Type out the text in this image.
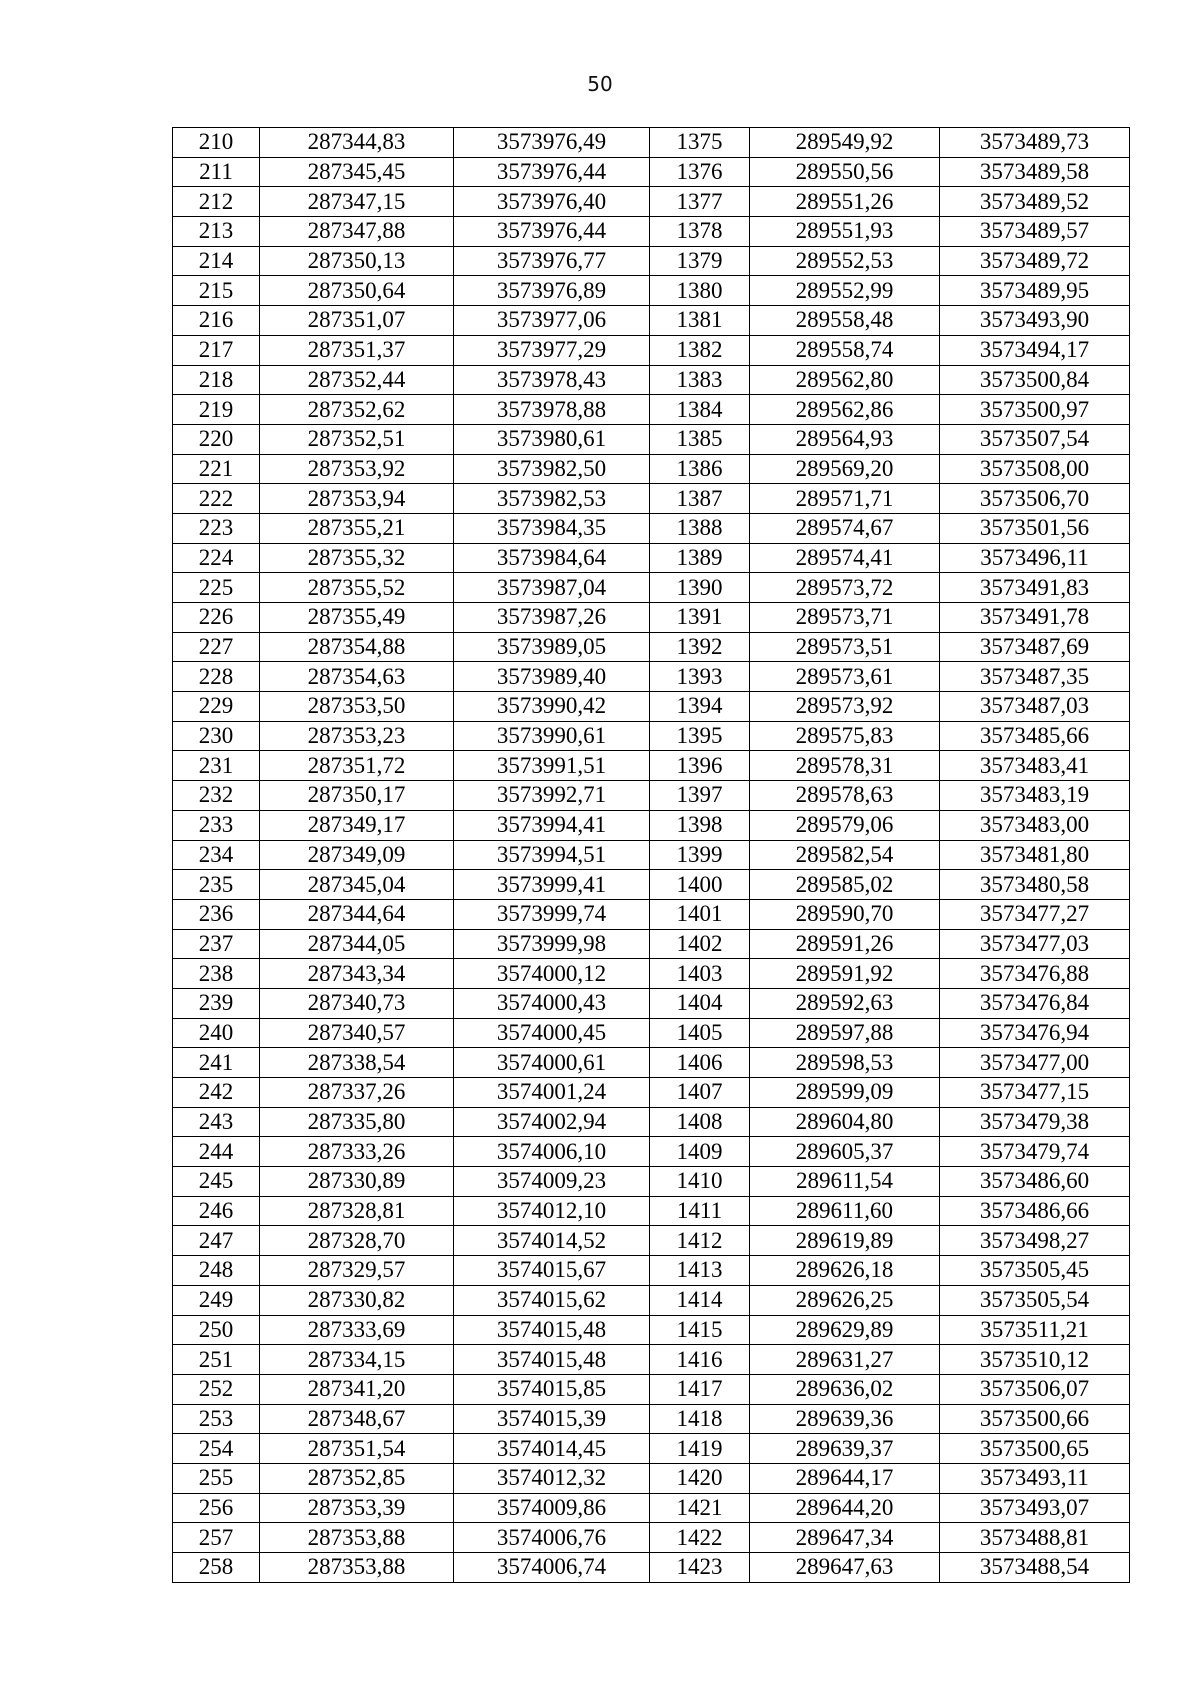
50
210	287344,83	3573976,49	1375	289549,92	3573489,73
211	287345,45	3573976,44	1376	289550,56	3573489,58
212	287347,15	3573976,40	1377	289551,26	3573489,52
213	287347,88	3573976,44	1378	289551,93	3573489,57
214	287350,13	3573976,77	1379	289552,53	3573489,72
215	287350,64	3573976,89	1380	289552,99	3573489,95
216	287351,07	3573977,06	1381	289558,48	3573493,90
217	287351,37	3573977,29	1382	289558,74	3573494,17
218	287352,44	3573978,43	1383	289562,80	3573500,84
219	287352,62	3573978,88	1384	289562,86	3573500,97
220	287352,51	3573980,61	1385	289564,93	3573507,54
221	287353,92	3573982,50	1386	289569,20	3573508,00
222	287353,94	3573982,53	1387	289571,71	3573506,70
223	287355,21	3573984,35	1388	289574,67	3573501,56
224	287355,32	3573984,64	1389	289574,41	3573496,11
225	287355,52	3573987,04	1390	289573,72	3573491,83
226	287355,49	3573987,26	1391	289573,71	3573491,78
227	287354,88	3573989,05	1392	289573,51	3573487,69
228	287354,63	3573989,40	1393	289573,61	3573487,35
229	287353,50	3573990,42	1394	289573,92	3573487,03
230	287353,23	3573990,61	1395	289575,83	3573485,66
231	287351,72	3573991,51	1396	289578,31	3573483,41
232	287350,17	3573992,71	1397	289578,63	3573483,19
233	287349,17	3573994,41	1398	289579,06	3573483,00
234	287349,09	3573994,51	1399	289582,54	3573481,80
235	287345,04	3573999,41	1400	289585,02	3573480,58
236	287344,64	3573999,74	1401	289590,70	3573477,27
237	287344,05	3573999,98	1402	289591,26	3573477,03
238	287343,34	3574000,12	1403	289591,92	3573476,88
239	287340,73	3574000,43	1404	289592,63	3573476,84
240	287340,57	3574000,45	1405	289597,88	3573476,94
241	287338,54	3574000,61	1406	289598,53	3573477,00
242	287337,26	3574001,24	1407	289599,09	3573477,15
243	287335,80	3574002,94	1408	289604,80	3573479,38
244	287333,26	3574006,10	1409	289605,37	3573479,74
245	287330,89	3574009,23	1410	289611,54	3573486,60
246	287328,81	3574012,10	1411	289611,60	3573486,66
247	287328,70	3574014,52	1412	289619,89	3573498,27
248	287329,57	3574015,67	1413	289626,18	3573505,45
249	287330,82	3574015,62	1414	289626,25	3573505,54
250	287333,69	3574015,48	1415	289629,89	3573511,21
251	287334,15	3574015,48	1416	289631,27	3573510,12
252	287341,20	3574015,85	1417	289636,02	3573506,07
253	287348,67	3574015,39	1418	289639,36	3573500,66
254	287351,54	3574014,45	1419	289639,37	3573500,65
255	287352,85	3574012,32	1420	289644,17	3573493,11
256	287353,39	3574009,86	1421	289644,20	3573493,07
257	287353,88	3574006,76	1422	289647,34	3573488,81
258	287353,88	3574006,74	1423	289647,63	3573488,54
